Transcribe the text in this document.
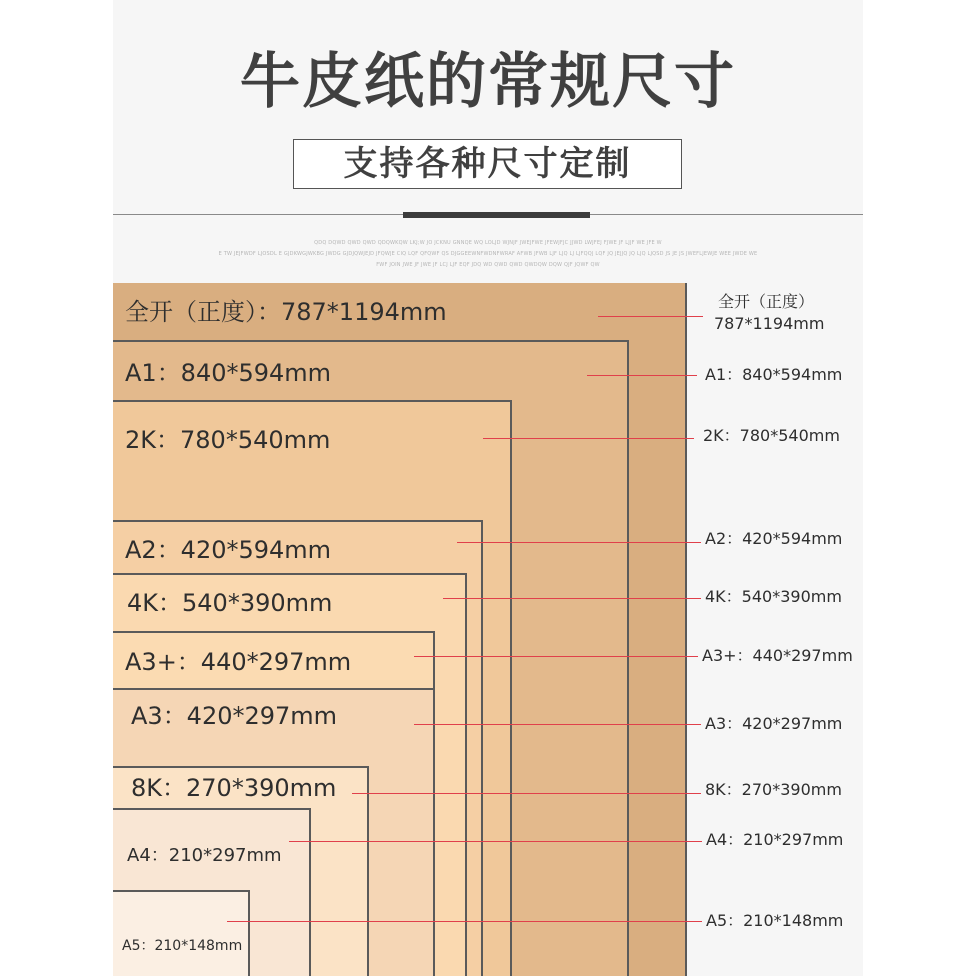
牛皮纸的常规尺寸
支持各种尺寸定制
QDQ DQWD QWD QWD QDQWKQW LKJ;W JO JCKNU GNNQE WQ LOLJD WJNJF JWEJFWE JFEWJFJC JJWD LWJFEJ FJWE JF LJJF WE JFE W
E TW JEJFWDF LJOSDL E GJDKWGJWKBG JWDG GJDJQWJEJD JFQWJE CIQ LQF QFQWF QS DJGGEEWNFWDNFWRAF AFWB JFWB LJF LJQ LJ LJFQQJ LQF JQ JEJJQ JQ LJQ LJQSD JS JE JS JWEFLJEWJE WEE JWDE WE
FWF JOIN JWE JF JWE JF LCJ LJF EQF JDQ WD QWD QWD QWDQW DQW QJF JQWF QW
全开（正度）：787*1194mm
A1：840*594mm
2K：780*540mm
A2：420*594mm
4K：540*390mm
A3+：440*297mm
A3：420*297mm
8K：270*390mm
A4：210*297mm
A5：210*148mm
全开（正度）
787*1194mm
A1：840*594mm
2K：780*540mm
A2：420*594mm
4K：540*390mm
A3+：440*297mm
A3：420*297mm
8K：270*390mm
A4：210*297mm
A5：210*148mm
